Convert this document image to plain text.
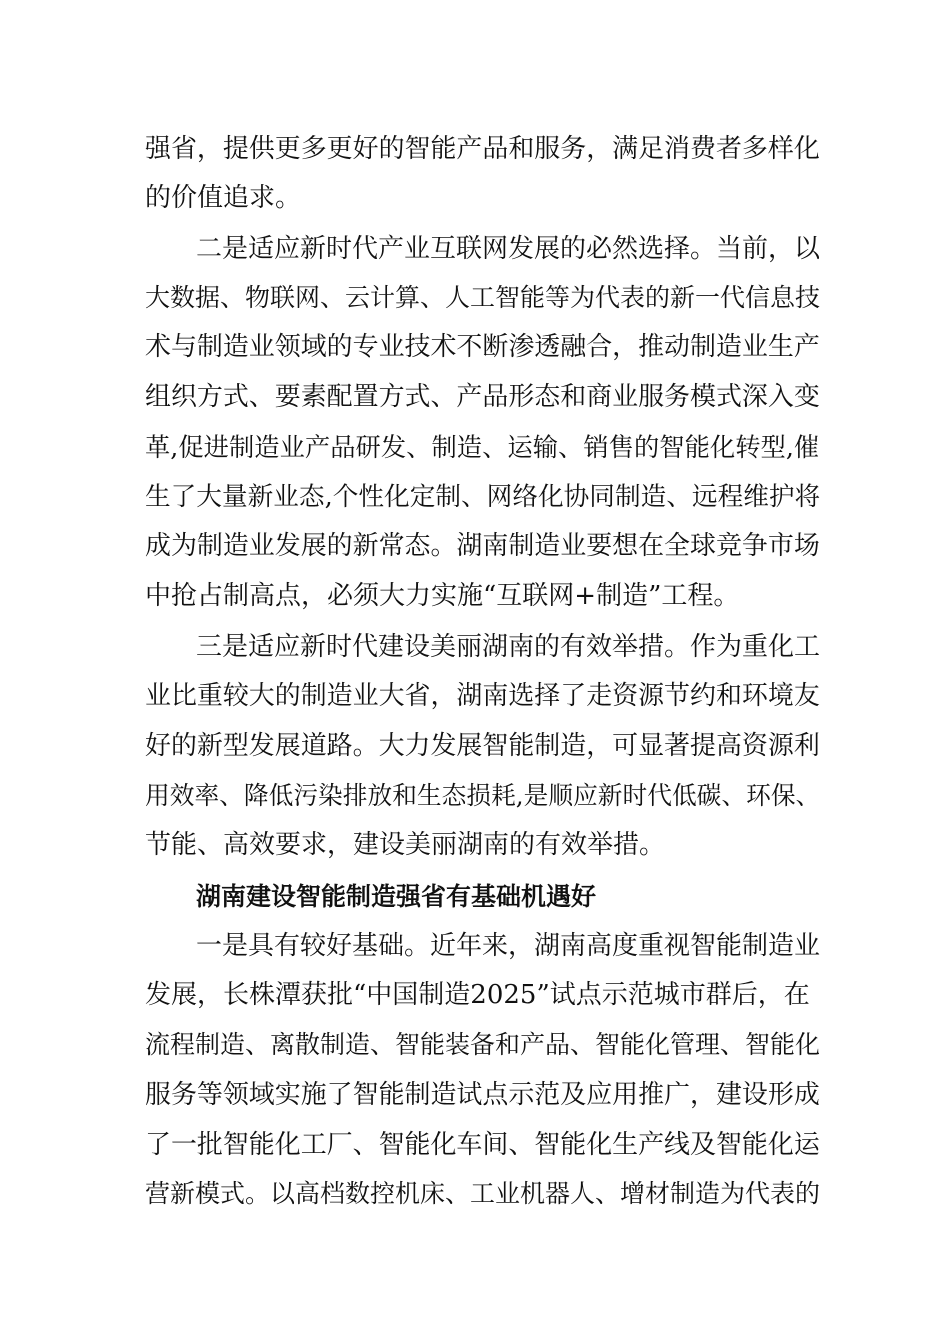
强省，提供更多更好的智能产品和服务，满足消费者多样化
的价值追求。
二是适应新时代产业互联网发展的必然选择。当前，以
大数据、物联网、云计算、人工智能等为代表的新一代信息技
术与制造业领域的专业技术不断渗透融合，推动制造业生产
组织方式、要素配置方式、产品形态和商业服务模式深入变
革,促进制造业产品研发、制造、运输、销售的智能化转型,催
生了大量新业态,个性化定制、网络化协同制造、远程维护将
成为制造业发展的新常态。湖南制造业要想在全球竞争市场
中抢占制高点，必须大力实施“互联网+制造”工程。
三是适应新时代建设美丽湖南的有效举措。作为重化工
业比重较大的制造业大省，湖南选择了走资源节约和环境友
好的新型发展道路。大力发展智能制造，可显著提高资源利
用效率、降低污染排放和生态损耗,是顺应新时代低碳、环保、
节能、高效要求，建设美丽湖南的有效举措。
湖南建设智能制造强省有基础机遇好
一是具有较好基础。近年来，湖南高度重视智能制造业
发展，长株潭获批“中国制造2025”试点示范城市群后，在
流程制造、离散制造、智能装备和产品、智能化管理、智能化
服务等领域实施了智能制造试点示范及应用推广，建设形成
了一批智能化工厂、智能化车间、智能化生产线及智能化运
营新模式。以高档数控机床、工业机器人、增材制造为代表的
